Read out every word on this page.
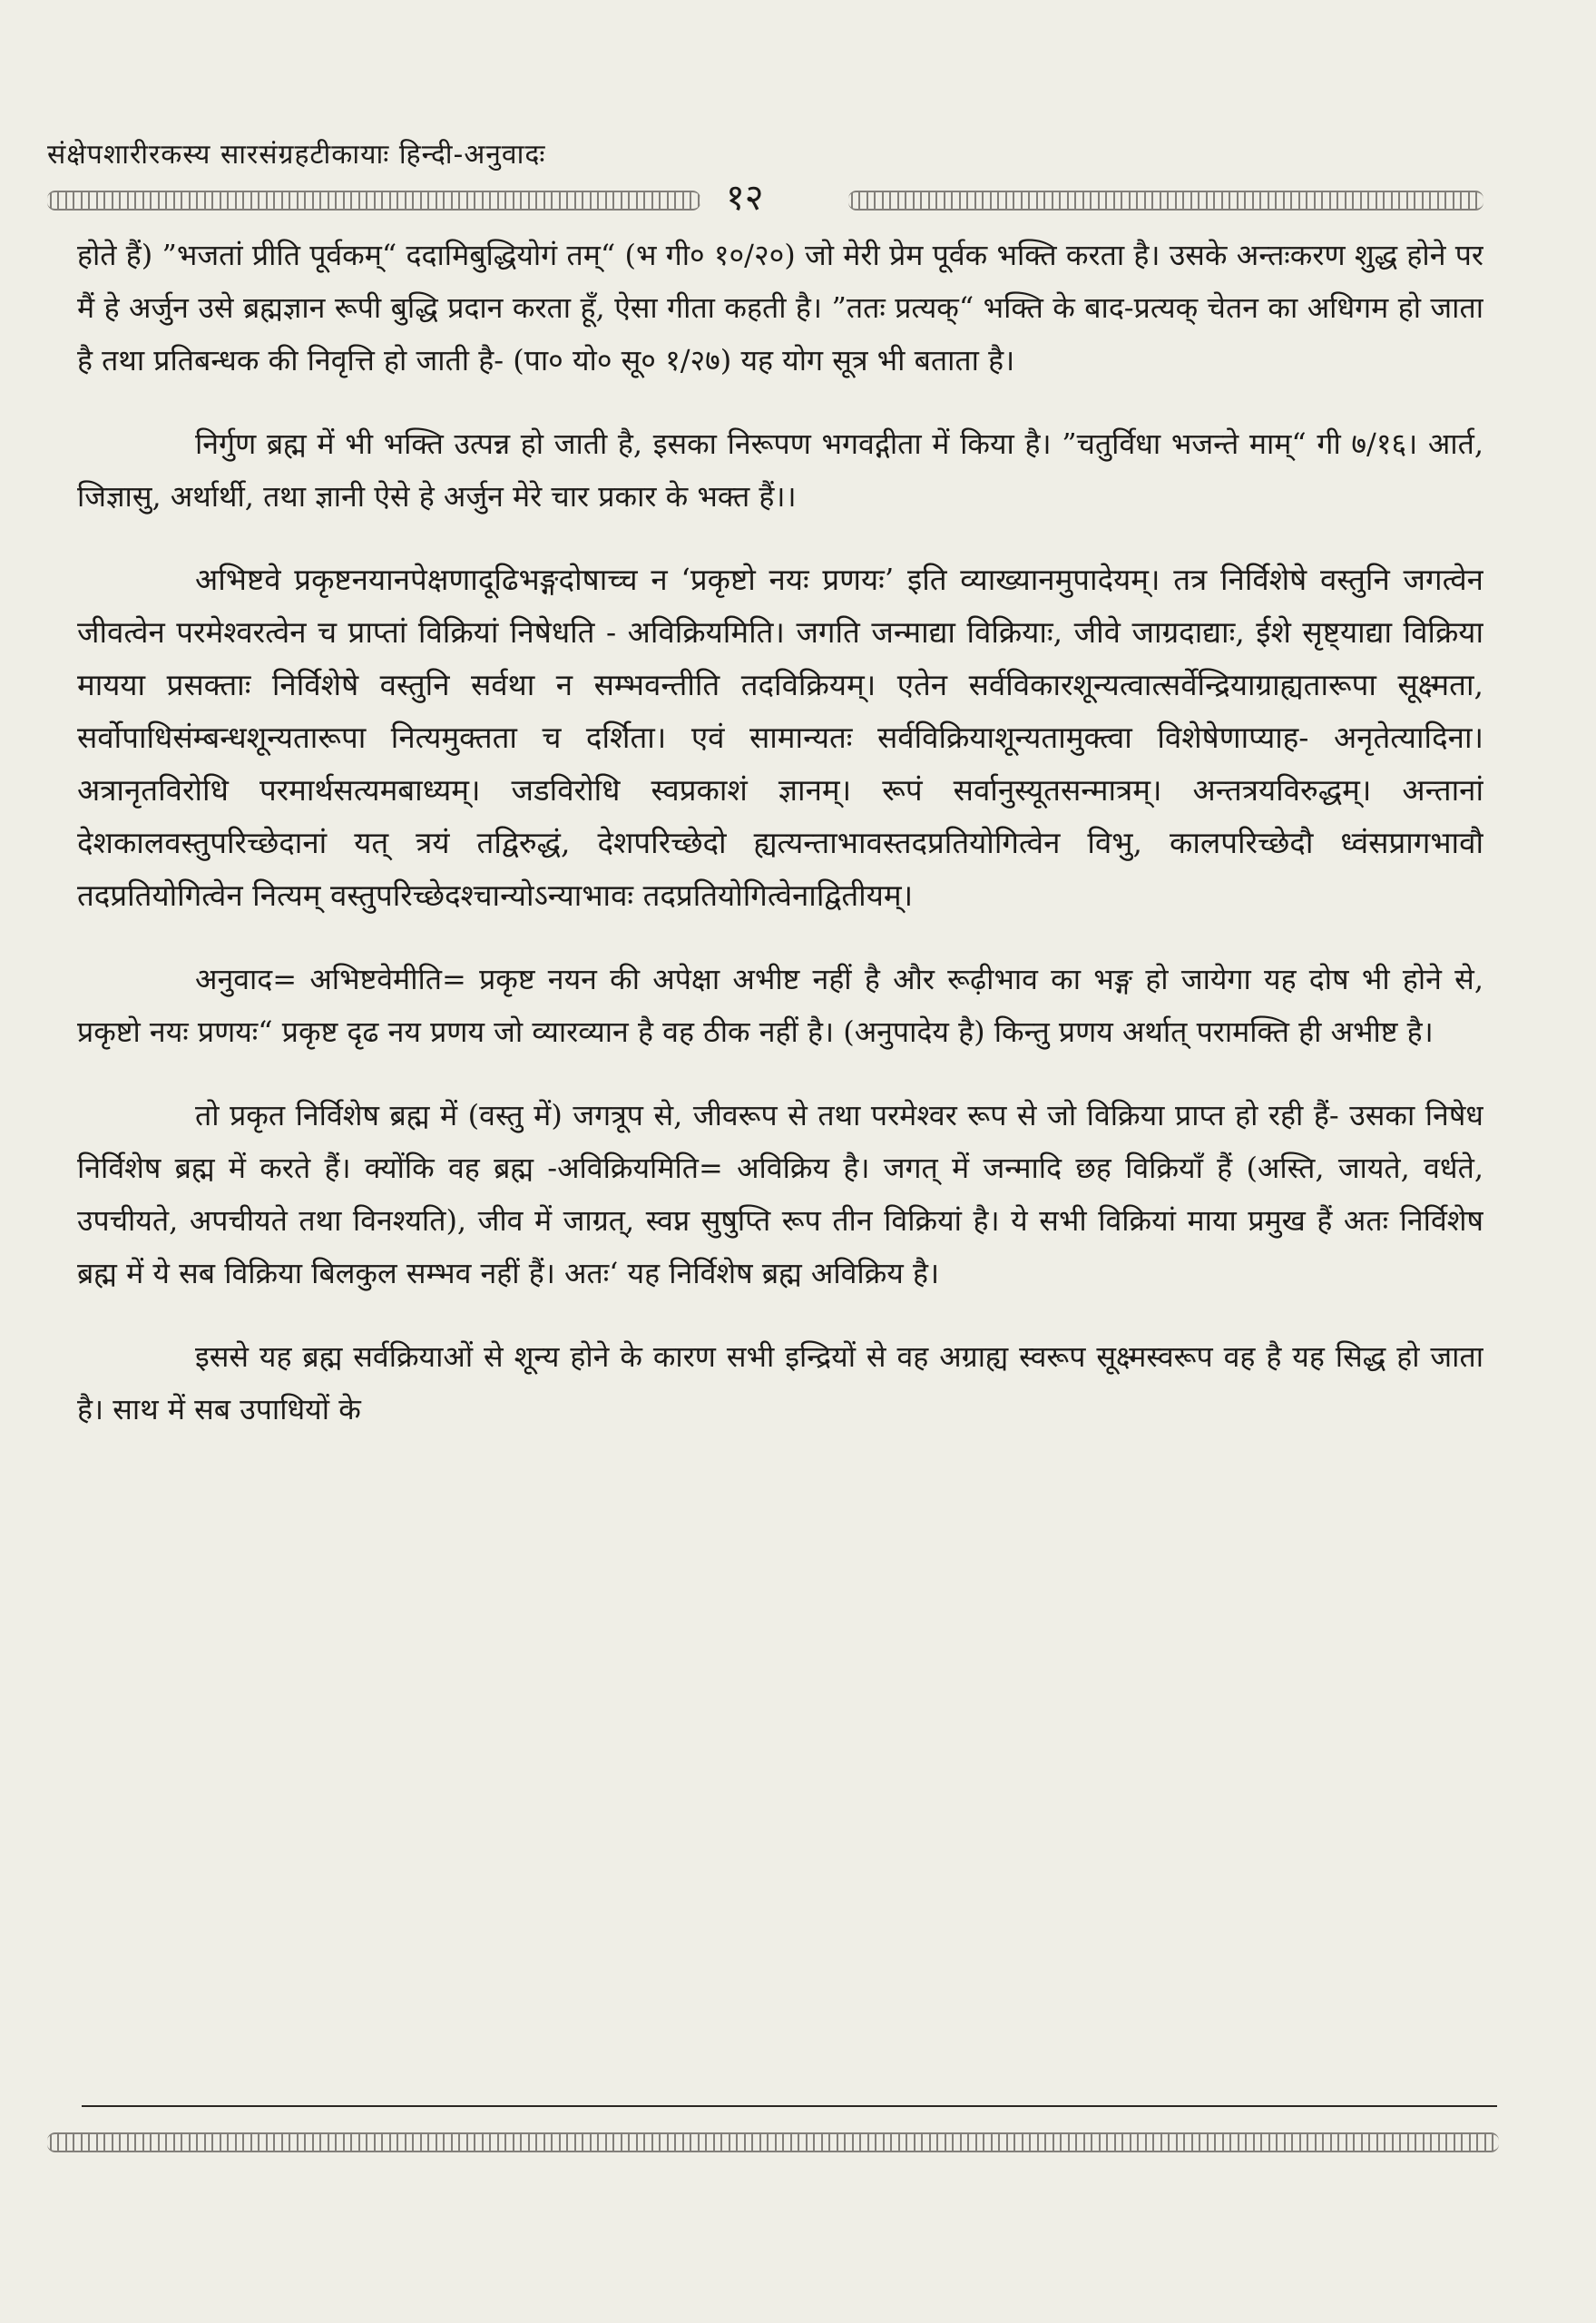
संक्षेपशारीरकस्य सारसंग्रहटीकायाः हिन्दी-अनुवादः
१२

होते हैं) ”भजतां प्रीति पूर्वकम्“ ददामिबुद्धियोगं तम्“ (भ गी० १०/२०) जो मेरी प्रेम पूर्वक भक्ति करता है। उसके अन्तःकरण शुद्ध होने पर मैं हे अर्जुन उसे ब्रह्मज्ञान रूपी बुद्धि प्रदान करता हूँ, ऐसा गीता कहती है। ”ततः प्रत्यक्“ भक्ति के बाद-प्रत्यक् चेतन का अधिगम हो जाता है तथा प्रतिबन्धक की निवृत्ति हो जाती है- (पा० यो० सू० १/२७) यह योग सूत्र भी बताता है।

निर्गुण ब्रह्म में भी भक्ति उत्पन्न हो जाती है, इसका निरूपण भगवद्गीता में किया है। ”चतुर्विधा भजन्ते माम्“ गी ७/१६। आर्त, जिज्ञासु, अर्थार्थी, तथा ज्ञानी ऐसे हे अर्जुन मेरे चार प्रकार के भक्त हैं।।

अभिष्टवे प्रकृष्टनयानपेक्षणादूढिभङ्गदोषाच्च न ‘प्रकृष्टो नयः प्रणयः’ इति व्याख्यानमुपादेयम्। तत्र निर्विशेषे वस्तुनि जगत्वेन जीवत्वेन परमेश्वरत्वेन च प्राप्तां विक्रियां निषेधति - अविक्रियमिति। जगति जन्माद्या विक्रियाः, जीवे जाग्रदाद्याः, ईशे सृष्ट्याद्या विक्रिया मायया प्रसक्ताः निर्विशेषे वस्तुनि सर्वथा न सम्भवन्तीति तदविक्रियम्। एतेन सर्वविकारशून्यत्वात्सर्वेन्द्रियाग्राह्यतारूपा सूक्ष्मता, सर्वोपाधिसंम्बन्धशून्यतारूपा नित्यमुक्तता च दर्शिता। एवं सामान्यतः सर्वविक्रियाशून्यतामुक्त्वा विशेषेणाप्याह- अनृतेत्यादिना। अत्रानृतविरोधि परमार्थसत्यमबाध्यम्। जडविरोधि स्वप्रकाशं ज्ञानम्। रूपं सर्वानुस्यूतसन्मात्रम्। अन्तत्रयविरुद्धम्। अन्तानां देशकालवस्तुपरिच्छेदानां यत् त्रयं तद्विरुद्धं, देशपरिच्छेदो ह्यत्यन्ताभावस्तदप्रतियोगित्वेन विभु, कालपरिच्छेदौ ध्वंसप्रागभावौ तदप्रतियोगित्वेन नित्यम् वस्तुपरिच्छेदश्चान्योऽन्याभावः तदप्रतियोगित्वेनाद्वितीयम्।

अनुवाद= अभिष्टवेमीति= प्रकृष्ट नयन की अपेक्षा अभीष्ट नहीं है और रूढ़ीभाव का भङ्ग हो जायेगा यह दोष भी होने से, प्रकृष्टो नयः प्रणयः“ प्रकृष्ट दृढ नय प्रणय जो व्यारव्यान है वह ठीक नहीं है। (अनुपादेय है) किन्तु प्रणय अर्थात् परामक्ति ही अभीष्ट है।

तो प्रकृत निर्विशेष ब्रह्म में (वस्तु में) जगत्रूप से, जीवरूप से तथा परमेश्वर रूप से जो विक्रिया प्राप्त हो रही हैं- उसका निषेध निर्विशेष ब्रह्म में करते हैं। क्योंकि वह ब्रह्म -अविक्रियमिति= अविक्रिय है। जगत् में जन्मादि छह विक्रियाँ हैं (अस्ति, जायते, वर्धते, उपचीयते, अपचीयते तथा विनश्यति), जीव में जाग्रत्, स्वप्न सुषुप्ति रूप तीन विक्रियां है। ये सभी विक्रियां माया प्रमुख हैं अतः निर्विशेष ब्रह्म में ये सब विक्रिया बिलकुल सम्भव नहीं हैं। अतः‘ यह निर्विशेष ब्रह्म अविक्रिय है।

इससे यह ब्रह्म सर्वक्रियाओं से शून्य होने के कारण सभी इन्द्रियों से वह अग्राह्य स्वरूप सूक्ष्मस्वरूप वह है यह सिद्ध हो जाता है। साथ में सब उपाधियों के
